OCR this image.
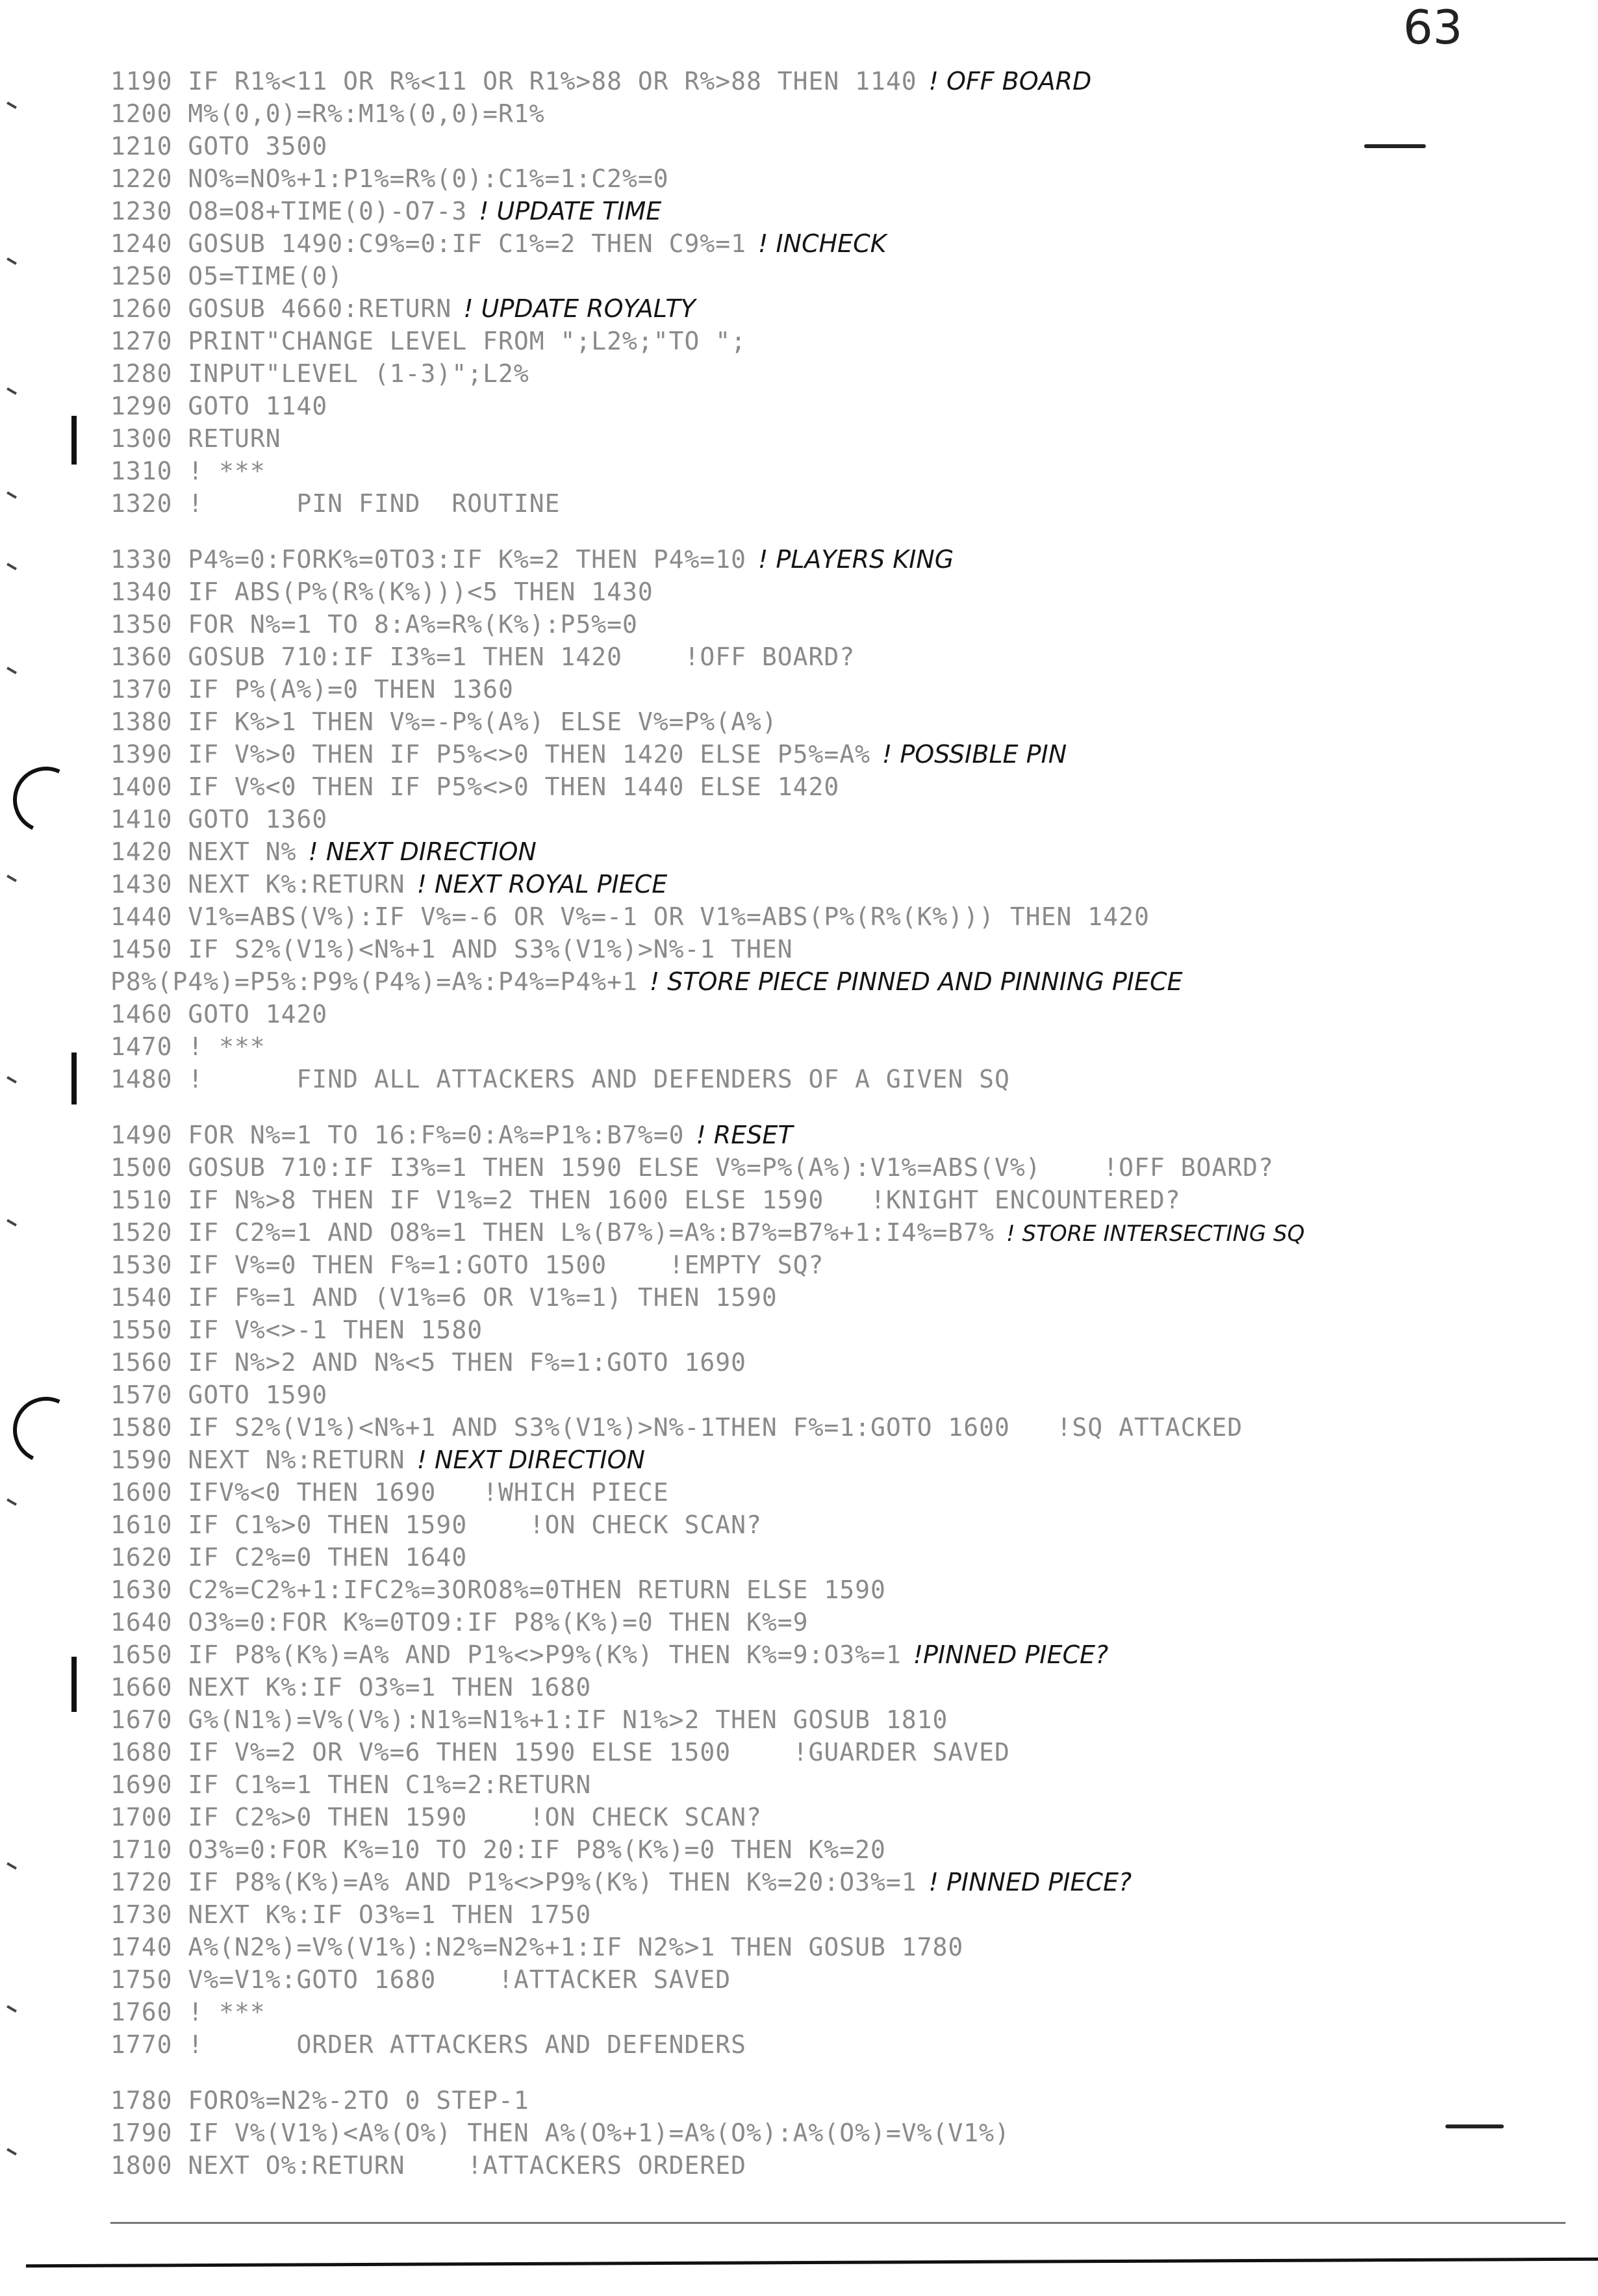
63
1190 IF R1%<11 OR R%<11 OR R1%>88 OR R%>88 THEN 1140 ! OFF BOARD
1200 M%(0,0)=R%:M1%(0,0)=R1%
1210 GOTO 3500
1220 NO%=NO%+1:P1%=R%(0):C1%=1:C2%=0
1230 O8=O8+TIME(0)-O7-3 ! UPDATE TIME
1240 GOSUB 1490:C9%=0:IF C1%=2 THEN C9%=1 ! INCHECK
1250 O5=TIME(0)
1260 GOSUB 4660:RETURN ! UPDATE ROYALTY
1270 PRINT"CHANGE LEVEL FROM ";L2%;"TO ";
1280 INPUT"LEVEL (1-3)";L2%
1290 GOTO 1140
1300 RETURN
1310 ! ***
1320 !      PIN FIND  ROUTINE
1330 P4%=0:FORK%=0TO3:IF K%=2 THEN P4%=10 ! PLAYERS KING
1340 IF ABS(P%(R%(K%)))<5 THEN 1430
1350 FOR N%=1 TO 8:A%=R%(K%):P5%=0
1360 GOSUB 710:IF I3%=1 THEN 1420    !OFF BOARD?
1370 IF P%(A%)=0 THEN 1360
1380 IF K%>1 THEN V%=-P%(A%) ELSE V%=P%(A%)
1390 IF V%>0 THEN IF P5%<>0 THEN 1420 ELSE P5%=A% ! POSSIBLE PIN
1400 IF V%<0 THEN IF P5%<>0 THEN 1440 ELSE 1420
1410 GOTO 1360
1420 NEXT N% ! NEXT DIRECTION
1430 NEXT K%:RETURN ! NEXT ROYAL PIECE
1440 V1%=ABS(V%):IF V%=-6 OR V%=-1 OR V1%=ABS(P%(R%(K%))) THEN 1420
1450 IF S2%(V1%)<N%+1 AND S3%(V1%)>N%-1 THEN
P8%(P4%)=P5%:P9%(P4%)=A%:P4%=P4%+1 ! STORE PIECE PINNED AND PINNING PIECE
1460 GOTO 1420
1470 ! ***
1480 !      FIND ALL ATTACKERS AND DEFENDERS OF A GIVEN SQ
1490 FOR N%=1 TO 16:F%=0:A%=P1%:B7%=0 ! RESET
1500 GOSUB 710:IF I3%=1 THEN 1590 ELSE V%=P%(A%):V1%=ABS(V%)    !OFF BOARD?
1510 IF N%>8 THEN IF V1%=2 THEN 1600 ELSE 1590   !KNIGHT ENCOUNTERED?
1520 IF C2%=1 AND O8%=1 THEN L%(B7%)=A%:B7%=B7%+1:I4%=B7% ! STORE INTERSECTING SQ
1530 IF V%=0 THEN F%=1:GOTO 1500    !EMPTY SQ?
1540 IF F%=1 AND (V1%=6 OR V1%=1) THEN 1590
1550 IF V%<>-1 THEN 1580
1560 IF N%>2 AND N%<5 THEN F%=1:GOTO 1690
1570 GOTO 1590
1580 IF S2%(V1%)<N%+1 AND S3%(V1%)>N%-1THEN F%=1:GOTO 1600   !SQ ATTACKED
1590 NEXT N%:RETURN ! NEXT DIRECTION
1600 IFV%<0 THEN 1690   !WHICH PIECE
1610 IF C1%>0 THEN 1590    !ON CHECK SCAN?
1620 IF C2%=0 THEN 1640
1630 C2%=C2%+1:IFC2%=3ORO8%=0THEN RETURN ELSE 1590
1640 O3%=0:FOR K%=0TO9:IF P8%(K%)=0 THEN K%=9
1650 IF P8%(K%)=A% AND P1%<>P9%(K%) THEN K%=9:O3%=1 !PINNED PIECE?
1660 NEXT K%:IF O3%=1 THEN 1680
1670 G%(N1%)=V%(V%):N1%=N1%+1:IF N1%>2 THEN GOSUB 1810
1680 IF V%=2 OR V%=6 THEN 1590 ELSE 1500    !GUARDER SAVED
1690 IF C1%=1 THEN C1%=2:RETURN
1700 IF C2%>0 THEN 1590    !ON CHECK SCAN?
1710 O3%=0:FOR K%=10 TO 20:IF P8%(K%)=0 THEN K%=20
1720 IF P8%(K%)=A% AND P1%<>P9%(K%) THEN K%=20:O3%=1 ! PINNED PIECE?
1730 NEXT K%:IF O3%=1 THEN 1750
1740 A%(N2%)=V%(V1%):N2%=N2%+1:IF N2%>1 THEN GOSUB 1780
1750 V%=V1%:GOTO 1680    !ATTACKER SAVED
1760 ! ***
1770 !      ORDER ATTACKERS AND DEFENDERS
1780 FORO%=N2%-2TO 0 STEP-1
1790 IF V%(V1%)<A%(O%) THEN A%(O%+1)=A%(O%):A%(O%)=V%(V1%)
1800 NEXT O%:RETURN    !ATTACKERS ORDERED
